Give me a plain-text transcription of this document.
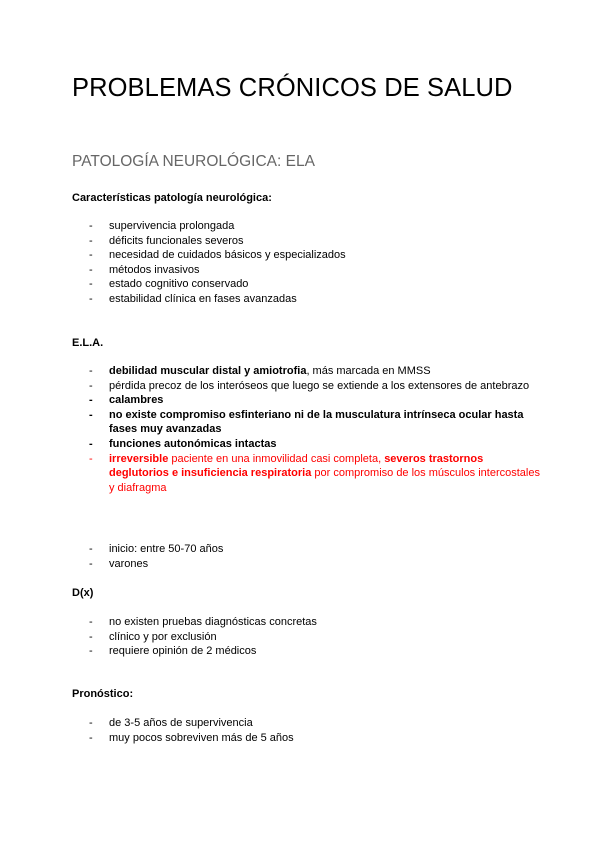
PROBLEMAS CRÓNICOS DE SALUD
PATOLOGÍA NEUROLÓGICA: ELA
Características patología neurológica:
- supervivencia prolongada
- déficits funcionales severos
- necesidad de cuidados básicos y especializados
- métodos invasivos
- estado cognitivo conservado
- estabilidad clínica en fases avanzadas
E.L.A.
- debilidad muscular distal y amiotrofia, más marcada en MMSS
- pérdida precoz de los interóseos que luego se extiende a los extensores de antebrazo
- calambres
- no existe compromiso esfinteriano ni de la musculatura intrínseca ocular hasta fases muy avanzadas
- funciones autonómicas intactas
- irreversible paciente en una inmovilidad casi completa, severos trastornos deglutorios e insuficiencia respiratoria por compromiso de los músculos intercostales y diafragma
- inicio: entre 50-70 años
- varones
D(x)
- no existen pruebas diagnósticas concretas
- clínico y por exclusión
- requiere opinión de 2 médicos
Pronóstico:
- de 3-5 años de supervivencia
- muy pocos sobreviven más de 5 años
